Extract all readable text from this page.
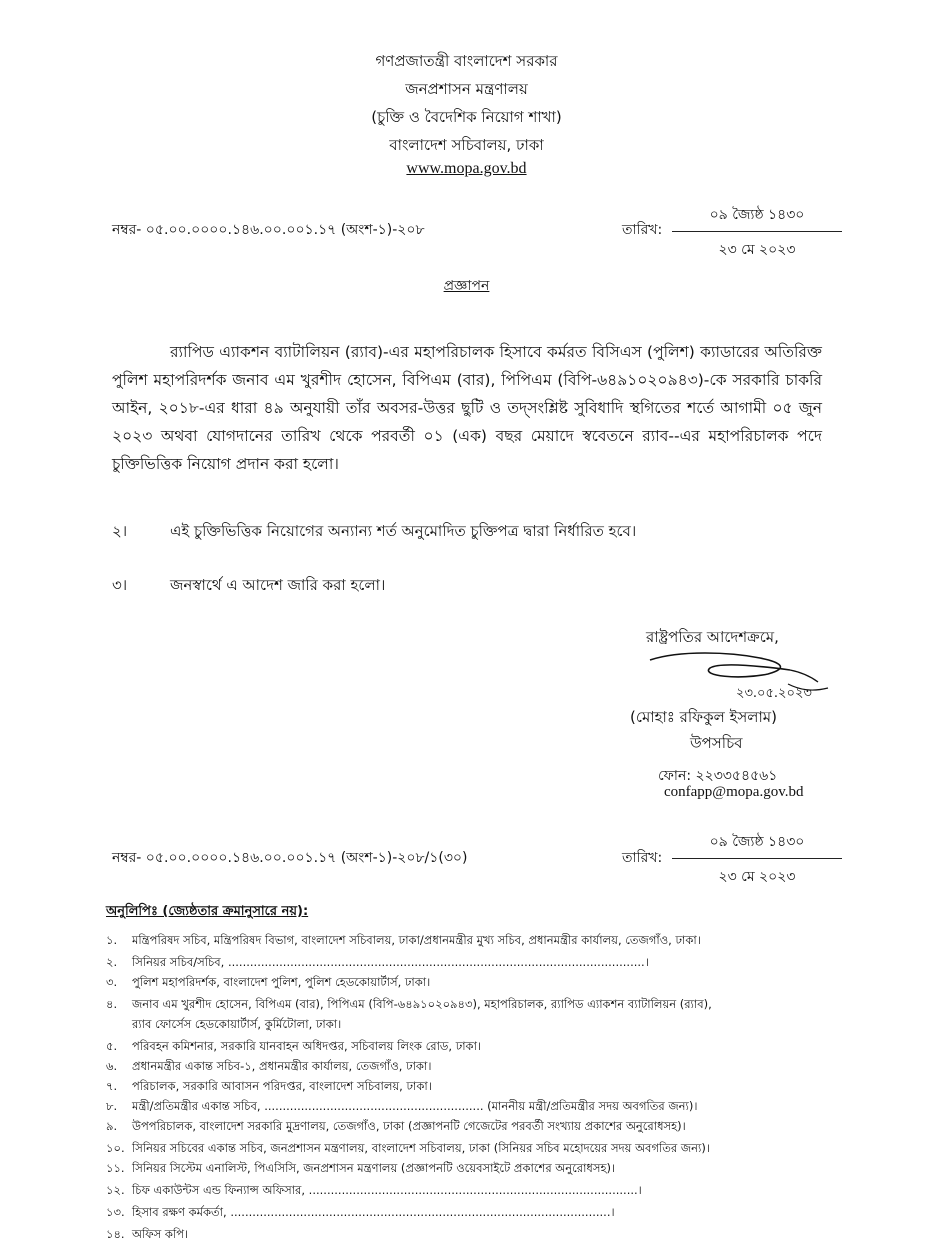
গণপ্রজাতন্ত্রী বাংলাদেশ সরকার
জনপ্রশাসন মন্ত্রণালয়
(চুক্তি ও বৈদেশিক নিয়োগ শাখা)
বাংলাদেশ সচিবালয়, ঢাকা
www.mopa.gov.bd
নম্বর- ০৫.০০.০০০০.১৪৬.০০.০০১.১৭ (অংশ-১)-২০৮	তারিখ:
০৯ জ্যৈষ্ঠ ১৪৩০
২৩ মে ২০২৩
প্রজ্ঞাপন
র‍্যাপিড এ্যাকশন ব্যাটালিয়ন (র‍্যাব)-এর মহাপরিচালক হিসাবে কর্মরত বিসিএস (পুলিশ) ক্যাডারের অতিরিক্ত পুলিশ মহাপরিদর্শক জনাব এম খুরশীদ হোসেন, বিপিএম (বার), পিপিএম (বিপি-৬৪৯১০২০৯৪৩)-কে সরকারি চাকরি আইন, ২০১৮-এর ধারা ৪৯ অনুযায়ী তাঁর অবসর-উত্তর ছুটি ও তদ্‌সংশ্লিষ্ট সুবিধাদি স্থগিতের শর্তে আগামী ০৫ জুন ২০২৩ অথবা যোগদানের তারিখ থেকে পরবর্তী ০১ (এক) বছর মেয়াদে স্ববেতনে র‍্যাব--এর মহাপরিচালক পদে চুক্তিভিত্তিক নিয়োগ প্রদান করা হলো।
২।	এই চুক্তিভিত্তিক নিয়োগের অন্যান্য শর্ত অনুমোদিত চুক্তিপত্র দ্বারা নির্ধারিত হবে।
৩।	জনস্বার্থে এ আদেশ জারি করা হলো।
রাষ্ট্রপতির আদেশক্রমে,
২৩.০৫.২০২৩
(মোহাঃ রফিকুল ইসলাম)
উপসচিব
ফোন: ২২৩৩৫৪৫৬১
confapp@mopa.gov.bd
নম্বর- ০৫.০০.০০০০.১৪৬.০০.০০১.১৭ (অংশ-১)-২০৮/১(৩০)	তারিখ:
০৯ জ্যৈষ্ঠ ১৪৩০
২৩ মে ২০২৩
অনুলিপিঃ (জ্যেষ্ঠতার ক্রমানুসারে নয়):
১. মন্ত্রিপরিষদ সচিব, মন্ত্রিপরিষদ বিভাগ, বাংলাদেশ সচিবালয়, ঢাকা/প্রধানমন্ত্রীর মুখ্য সচিব, প্রধানমন্ত্রীর কার্যালয়, তেজগাঁও, ঢাকা।
২. সিনিয়র সচিব/সচিব, ..................................................................................................................।
৩. পুলিশ মহাপরিদর্শক, বাংলাদেশ পুলিশ, পুলিশ হেডকোয়ার্টার্স, ঢাকা।
৪. জনাব এম খুরশীদ হোসেন, বিপিএম (বার), পিপিএম (বিপি-৬৪৯১০২০৯৪৩), মহাপরিচালক, র‍্যাপিড এ্যাকশন ব্যাটালিয়ন (র‍্যাব),
র‍্যাব ফোর্সেস হেডকোয়ার্টার্স, কুর্মিটোলা, ঢাকা।
৫. পরিবহন কমিশনার, সরকারি যানবাহন অধিদপ্তর, সচিবালয় লিংক রোড, ঢাকা।
৬. প্রধানমন্ত্রীর একান্ত সচিব-১, প্রধানমন্ত্রীর কার্যালয়, তেজগাঁও, ঢাকা।
৭. পরিচালক, সরকারি আবাসন পরিদপ্তর, বাংলাদেশ সচিবালয়, ঢাকা।
৮. মন্ত্রী/প্রতিমন্ত্রীর একান্ত সচিব, ............................................................ (মাননীয় মন্ত্রী/প্রতিমন্ত্রীর সদয় অবগতির জন্য)।
৯. উপপরিচালক, বাংলাদেশ সরকারি মুদ্রণালয়, তেজগাঁও, ঢাকা (প্রজ্ঞাপনটি গেজেটের পরবর্তী সংখ্যায় প্রকাশের অনুরোধসহ)।
১০. সিনিয়র সচিবের একান্ত সচিব, জনপ্রশাসন মন্ত্রণালয়, বাংলাদেশ সচিবালয়, ঢাকা (সিনিয়র সচিব মহোদয়ের সদয় অবগতির জন্য)।
১১. সিনিয়র সিস্টেম এনালিস্ট, পিএসিসি, জনপ্রশাসন মন্ত্রণালয় (প্রজ্ঞাপনটি ওয়েবসাইটে প্রকাশের অনুরোধসহ)।
১২. চিফ একাউন্টস এন্ড ফিন্যান্স অফিসার, ..........................................................................................।
১৩. হিসাব রক্ষণ কর্মকর্তা, ........................................................................................................।
১৪. অফিস কপি।
